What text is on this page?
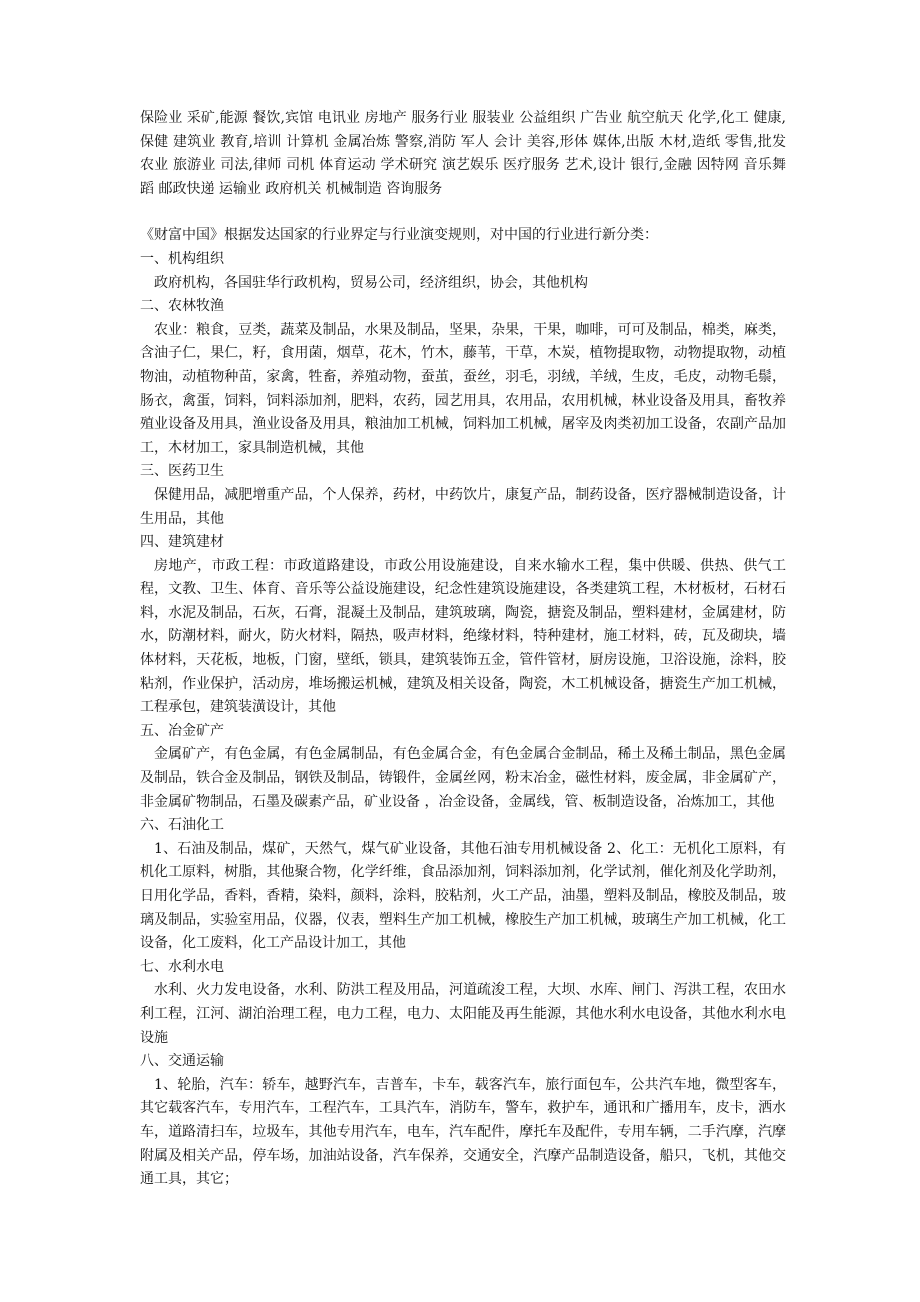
保险业 采矿,能源 餐饮,宾馆 电讯业 房地产 服务行业 服装业 公益组织 广告业 航空航天 化学,化工 健康,保健 建筑业 教育,培训 计算机 金属冶炼 警察,消防 军人 会计 美容,形体 媒体,出版 木材,造纸 零售,批发 农业 旅游业 司法,律师 司机 体育运动 学术研究 演艺娱乐 医疗服务 艺术,设计 银行,金融 因特网 音乐舞蹈 邮政快递 运输业 政府机关 机械制造 咨询服务

《财富中国》根据发达国家的行业界定与行业演变规则，对中国的行业进行新分类：

一、机构组织

政府机构，各国驻华行政机构，贸易公司，经济组织，协会，其他机构

二、农林牧渔

农业：粮食，豆类，蔬菜及制品，水果及制品，坚果，杂果，干果，咖啡，可可及制品，棉类，麻类，含油子仁，果仁，籽，食用菌，烟草，花木，竹木，藤苇，干草，木炭，植物提取物，动物提取物，动植物油，动植物种苗，家禽，牲畜，养殖动物，蚕茧，蚕丝，羽毛，羽绒，羊绒，生皮，毛皮，动物毛鬃，肠衣，禽蛋，饲料，饲料添加剂，肥料，农药，园艺用具，农用品，农用机械，林业设备及用具，畜牧养殖业设备及用具，渔业设备及用具，粮油加工机械，饲料加工机械，屠宰及肉类初加工设备，农副产品加工，木材加工，家具制造机械，其他

三、医药卫生

保健用品，减肥增重产品，个人保养，药材，中药饮片，康复产品，制药设备，医疗器械制造设备，计生用品，其他

四、建筑建材

房地产，市政工程：市政道路建设，市政公用设施建设，自来水输水工程，集中供暖、供热、供气工程，文教、卫生、体育、音乐等公益设施建设，纪念性建筑设施建设，各类建筑工程，木材板材，石材石料，水泥及制品，石灰，石膏，混凝土及制品，建筑玻璃，陶瓷，搪瓷及制品，塑料建材，金属建材，防水，防潮材料，耐火，防火材料，隔热，吸声材料，绝缘材料，特种建材，施工材料，砖，瓦及砌块，墙体材料，天花板，地板，门窗，壁纸，锁具，建筑装饰五金，管件管材，厨房设施，卫浴设施，涂料，胶粘剂，作业保护，活动房，堆场搬运机械，建筑及相关设备，陶瓷，木工机械设备，搪瓷生产加工机械，工程承包，建筑装潢设计，其他

五、冶金矿产

金属矿产，有色金属，有色金属制品，有色金属合金，有色金属合金制品，稀土及稀土制品，黑色金属及制品，铁合金及制品，钢铁及制品，铸锻件，金属丝网，粉末冶金，磁性材料，废金属，非金属矿产，非金属矿物制品，石墨及碳素产品，矿业设备 ，冶金设备，金属线，管、板制造设备，冶炼加工，其他

六、石油化工

1、石油及制品，煤矿，天然气，煤气矿业设备，其他石油专用机械设备 2、化工：无机化工原料，有机化工原料，树脂，其他聚合物，化学纤维，食品添加剂，饲料添加剂，化学试剂，催化剂及化学助剂，日用化学品，香料，香精，染料，颜料，涂料，胶粘剂，火工产品，油墨，塑料及制品，橡胶及制品，玻璃及制品，实验室用品，仪器，仪表，塑料生产加工机械，橡胶生产加工机械，玻璃生产加工机械，化工设备，化工废料，化工产品设计加工，其他

七、水利水电

水利、火力发电设备，水利、防洪工程及用品，河道疏浚工程，大坝、水库、闸门、泻洪工程，农田水利工程，江河、湖泊治理工程，电力工程，电力、太阳能及再生能源，其他水利水电设备，其他水利水电设施

八、交通运输

1、轮胎，汽车：轿车，越野汽车，吉普车，卡车，载客汽车，旅行面包车，公共汽车地，微型客车，其它载客汽车，专用汽车，工程汽车，工具汽车，消防车，警车，救护车，通讯和广播用车，皮卡，洒水车，道路清扫车，垃圾车，其他专用汽车，电车，汽车配件，摩托车及配件，专用车辆，二手汽摩，汽摩附属及相关产品，停车场，加油站设备，汽车保养，交通安全，汽摩产品制造设备，船只，飞机，其他交通工具，其它；
